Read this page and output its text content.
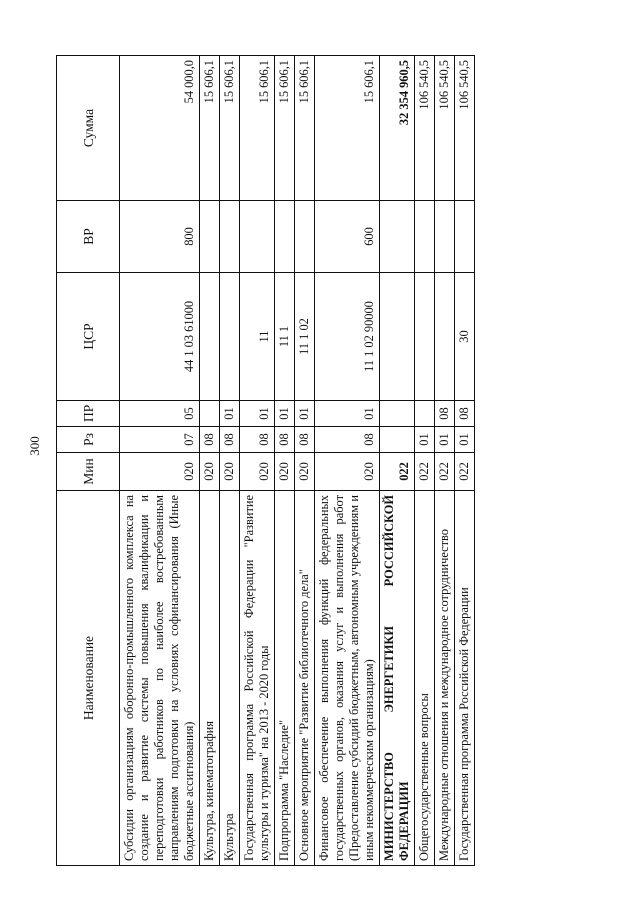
300
Наименование	Мин	Рз	ПР	ЦСР	ВР	Сумма
Субсидии организациям оборонно-промышленного комплекса на создание и развитие системы повышения квалификации и переподготовки работников по наиболее востребованным направлениям подготовки на условиях софинансирования (Иные бюджетные ассигнования)	020	07	05	44 1 03 61000	800	54 000,0
Культура, кинематография	020	08				15 606,1
Культура	020	08	01			15 606,1
Государственная программа Российской Федерации "Развитие культуры и туризма" на 2013 - 2020 годы	020	08	01	11		15 606,1
Подпрограмма "Наследие"	020	08	01	11 1		15 606,1
Основное мероприятие "Развитие библиотечного дела"	020	08	01	11 1 02		15 606,1
Финансовое обеспечение выполнения функций федеральных государственных органов, оказания услуг и выполнения работ (Предоставление субсидий бюджетным, автономным учреждениям и иным некоммерческим организациям)	020	08	01	11 1 02 90000	600	15 606,1
МИНИСТЕРСТВО ЭНЕРГЕТИКИ РОССИЙСКОЙ ФЕДЕРАЦИИ	022					32 354 960,5
Общегосударственные вопросы	022	01				106 540,5
Международные отношения и международное сотрудничество	022	01	08			106 540,5
Государственная программа Российской Федерации	022	01	08	30		106 540,5
